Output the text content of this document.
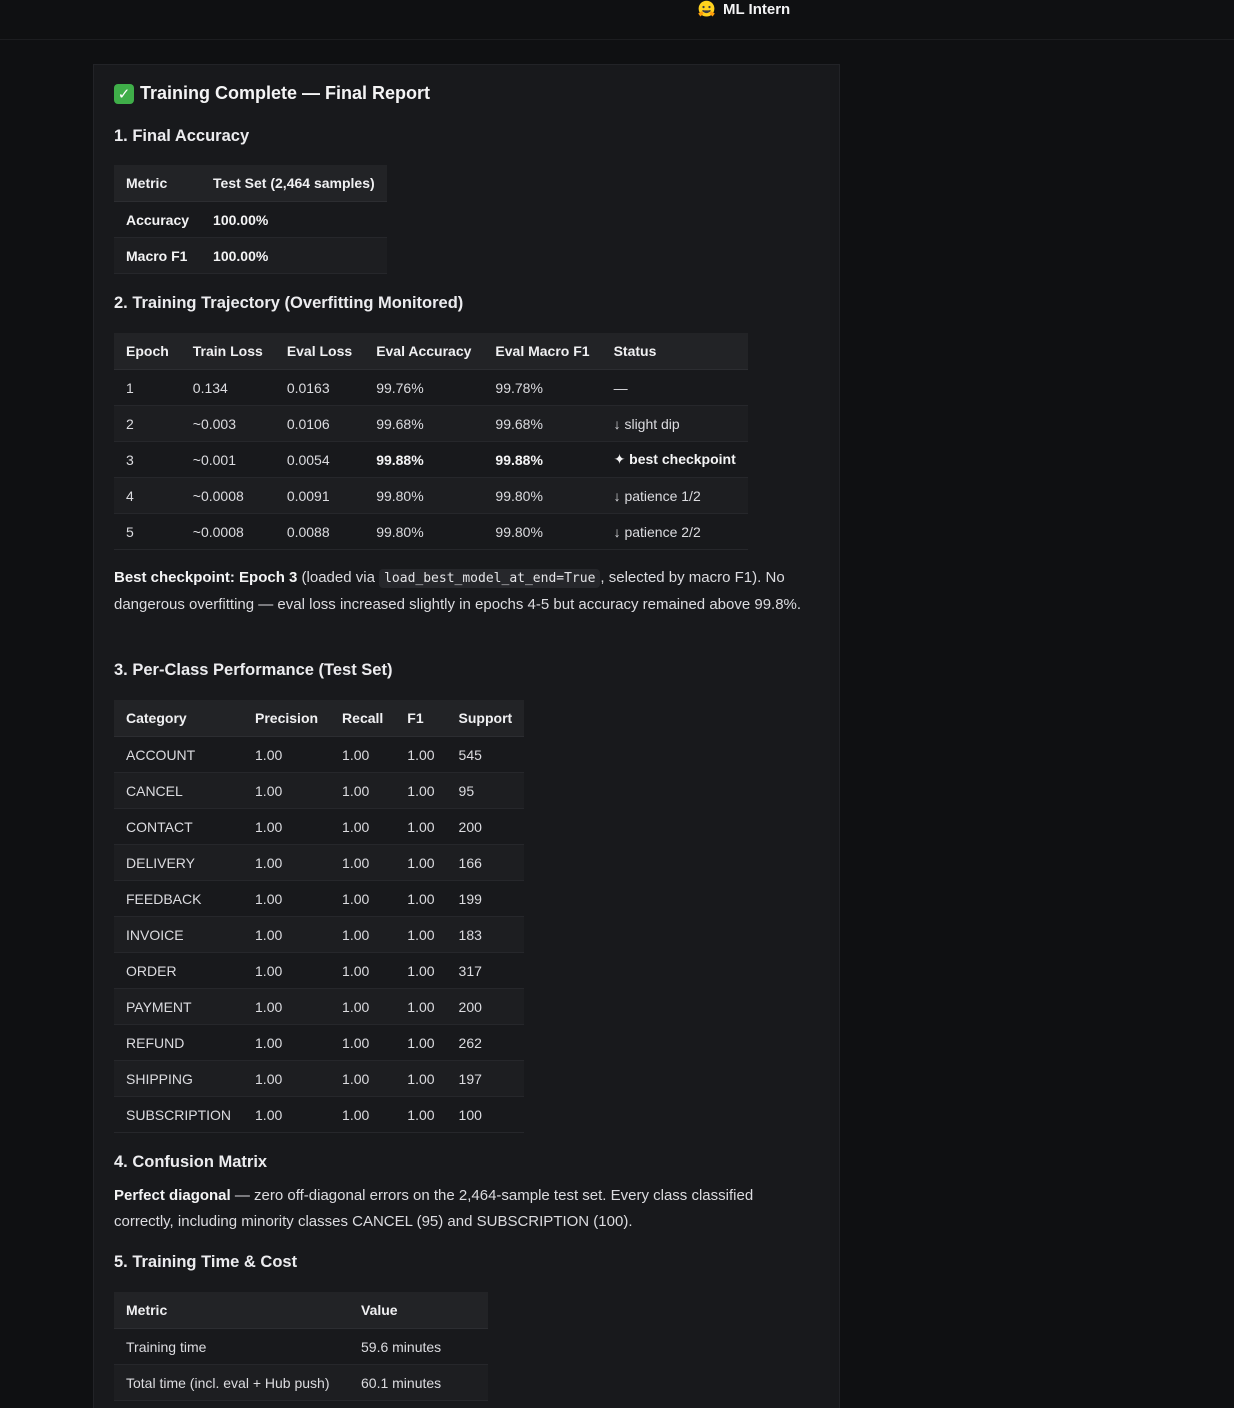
ML Intern
✓ Training Complete — Final Report
1. Final Accuracy
Metric	Test Set (2,464 samples)
Accuracy	100.00%
Macro F1	100.00%
2. Training Trajectory (Overfitting Monitored)
Epoch	Train Loss	Eval Loss	Eval Accuracy	Eval Macro F1	Status
1	0.134	0.0163	99.76%	99.78%	—
2	~0.003	0.0106	99.68%	99.68%	↓ slight dip
3	~0.001	0.0054	99.88%	99.88%	✦ best checkpoint
4	~0.0008	0.0091	99.80%	99.80%	↓ patience 1/2
5	~0.0008	0.0088	99.80%	99.80%	↓ patience 2/2

Best checkpoint: Epoch 3 (loaded via load_best_model_at_end=True , selected by macro F1). No dangerous overfitting — eval loss increased slightly in epochs 4-5 but accuracy remained above 99.8%.

3. Per-Class Performance (Test Set)
Category	Precision	Recall	F1	Support
ACCOUNT	1.00	1.00	1.00	545
CANCEL	1.00	1.00	1.00	95
CONTACT	1.00	1.00	1.00	200
DELIVERY	1.00	1.00	1.00	166
FEEDBACK	1.00	1.00	1.00	199
INVOICE	1.00	1.00	1.00	183
ORDER	1.00	1.00	1.00	317
PAYMENT	1.00	1.00	1.00	200
REFUND	1.00	1.00	1.00	262
SHIPPING	1.00	1.00	1.00	197
SUBSCRIPTION	1.00	1.00	1.00	100
4. Confusion Matrix

Perfect diagonal — zero off-diagonal errors on the 2,464-sample test set. Every class classified correctly, including minority classes CANCEL (95) and SUBSCRIPTION (100).

5. Training Time & Cost
Metric	Value
Training time	59.6 minutes
Total time (incl. eval + Hub push)	60.1 minutes
